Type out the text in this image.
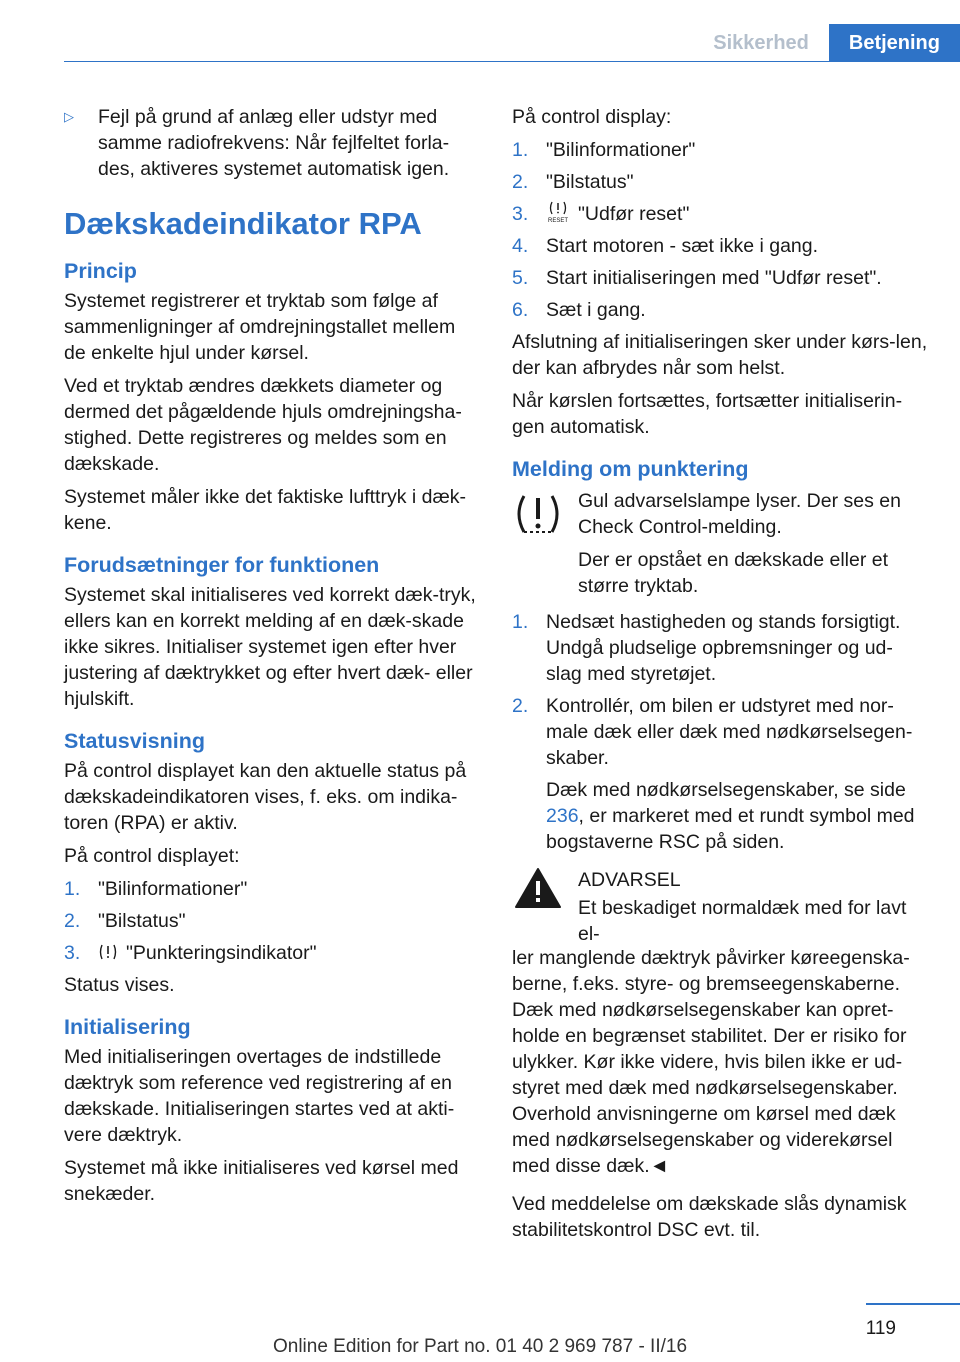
Sikkerhed	Betjening
▷	Fejl på grund af anlæg eller udstyr med samme radiofrekvens: Når fejlfeltet forla‐des, aktiveres systemet automatisk igen.
Dækskadeindikator RPA
Princip

Systemet registrerer et tryktab som følge af sammenligninger af omdrejningstallet mellem de enkelte hjul under kørsel.

Ved et tryktab ændres dækkets diameter og dermed det pågældende hjuls omdrejningsha‐stighed. Dette registreres og meldes som en dækskade.

Systemet måler ikke det faktiske lufttryk i dæk‐kene.

Forudsætninger for funktionen

Systemet skal initialiseres ved korrekt dæk‐tryk, ellers kan en korrekt melding af en dæk‐skade ikke sikres. Initialiser systemet igen efter hver justering af dæktrykket og efter hvert dæk- eller hjulskift.

Statusvisning

På control displayet kan den aktuelle status på dækskadeindikatoren vises, f. eks. om indika‐toren (RPA) er aktiv.

På control displayet:

1. "Bilinformationer"
2. "Bilstatus"
3.	"Punkteringsindikator"

Status vises.

Initialisering

Med initialiseringen overtages de indstillede dæktryk som reference ved registrering af en dækskade. Initialiseringen startes ved at akti‐vere dæktryk.

Systemet må ikke initialiseres ved kørsel med snekæder.

På control display:

1. "Bilinformationer"
2. "Bilstatus"
3.	RESET "Udfør reset"
4. Start motoren - sæt ikke i gang.
5. Start initialiseringen med "Udfør reset".
6. Sæt i gang.

Afslutning af initialiseringen sker under kørs‐len, der kan afbrydes når som helst.

Når kørslen fortsættes, fortsætter initialiserin‐gen automatisk.

Melding om punktering

Gul advarselslampe lyser. Der ses en Check Control-melding.

Der er opstået en dækskade eller et større tryktab.

1. Nedsæt hastigheden og stands forsigtigt. Undgå pludselige opbremsninger og ud‐slag med styretøjet.
2. Kontrollér, om bilen er udstyret med nor‐male dæk eller dæk med nødkørselsegen‐skaber.

Dæk med nødkørselsegenskaber, se side 236, er markeret med et rundt symbol med bogstaverne RSC på siden.

ADVARSEL

Et beskadiget normaldæk med for lavt el‐

ler manglende dæktryk påvirker køreegenska‐berne, f.eks. styre- og bremseegenskaberne. Dæk med nødkørselsegenskaber kan opret‐holde en begrænset stabilitet. Der er risiko for ulykker. Kør ikke videre, hvis bilen ikke er ud‐styret med dæk med nødkørselsegenskaber. Overhold anvisningerne om kørsel med dæk med nødkørselsegenskaber og viderekørsel med disse dæk.◄

Ved meddelelse om dækskade slås dynamisk stabilitetskontrol DSC evt. til.

119
Online Edition for Part no. 01 40 2 969 787 - II/16
